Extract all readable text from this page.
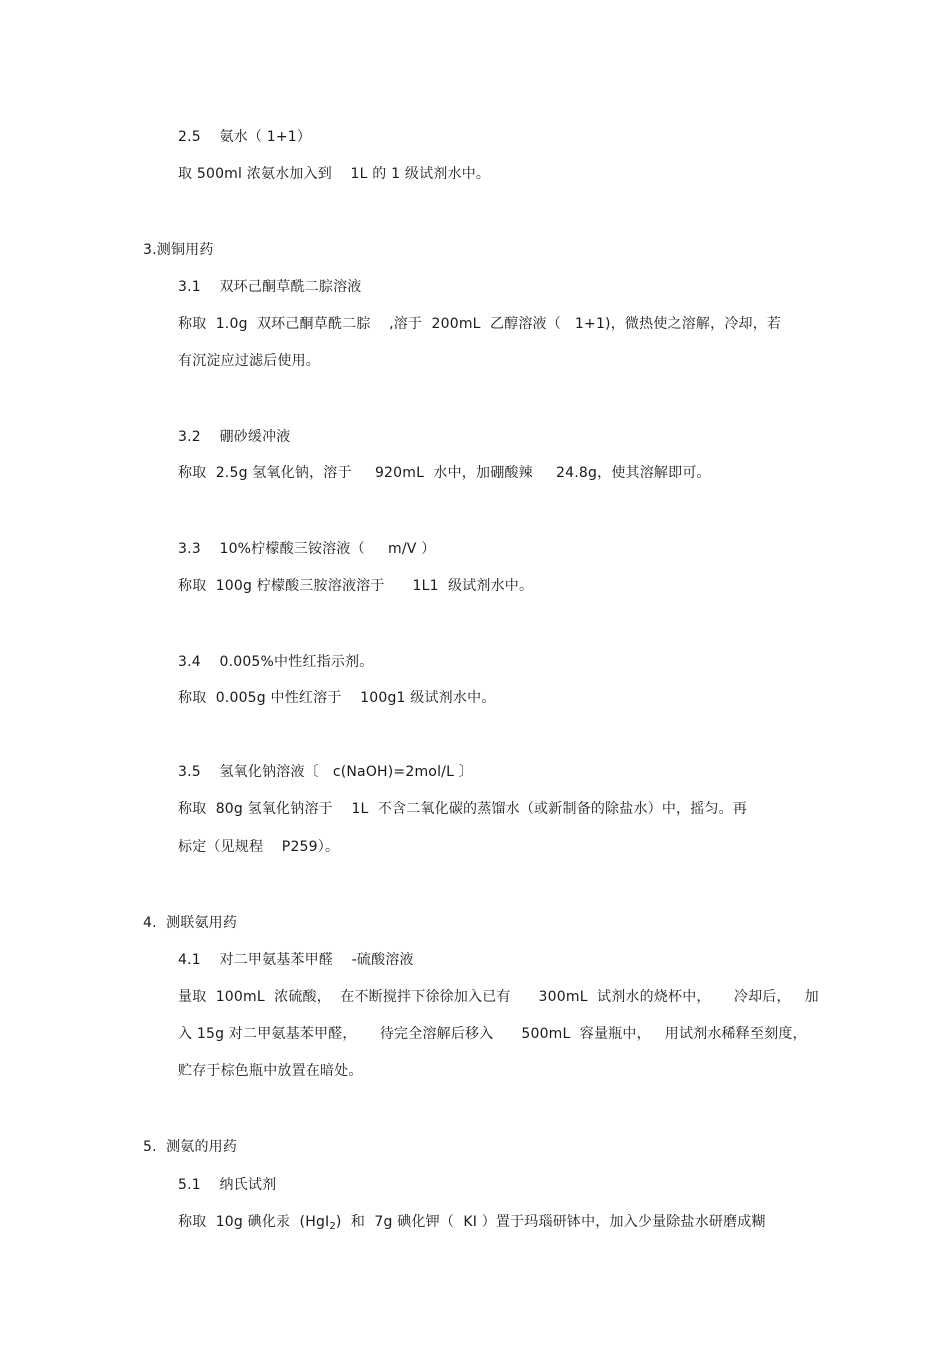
2.5    氨水（ 1+1）
取 500ml 浓氨水加入到    1L 的 1 级试剂水中。
3.测铜用药
3.1    双环己酮草酰二腙溶液
称取  1.0g  双环己酮草酰二腙    ,溶于  200mL  乙醇溶液（   1+1)，微热使之溶解，冷却，若
有沉淀应过滤后使用。
3.2    硼砂缓冲液
称取  2.5g 氢氧化钠，溶于     920mL  水中，加硼酸辣     24.8g，使其溶解即可。
3.3    10%柠檬酸三铵溶液（     m/V ）
称取  100g 柠檬酸三胺溶液溶于      1L1  级试剂水中。
3.4    0.005%中性红指示剂。
称取  0.005g 中性红溶于    100g1 级试剂水中。
3.5    氢氧化钠溶液〔   c(NaOH)=2mol/L 〕
称取  80g 氢氧化钠溶于    1L  不含二氧化碳的蒸馏水（或新制备的除盐水）中，摇匀。再
标定（见规程    P259）。
4.  测联氨用药
4.1    对二甲氨基苯甲醛    -硫酸溶液
量取  100mL  浓硫酸，  在不断搅拌下徐徐加入已有      300mL  试剂水的烧杯中，     冷却后，   加
入 15g 对二甲氨基苯甲醛，     待完全溶解后移入      500mL  容量瓶中，   用试剂水稀释至刻度，
贮存于棕色瓶中放置在暗处。
5.  测氨的用药
5.1    纳氏试剂
称取  10g 碘化汞  (HgI$_2$)  和  7g 碘化钾（  KI ）置于玛瑙研钵中，加入少量除盐水研磨成糊
